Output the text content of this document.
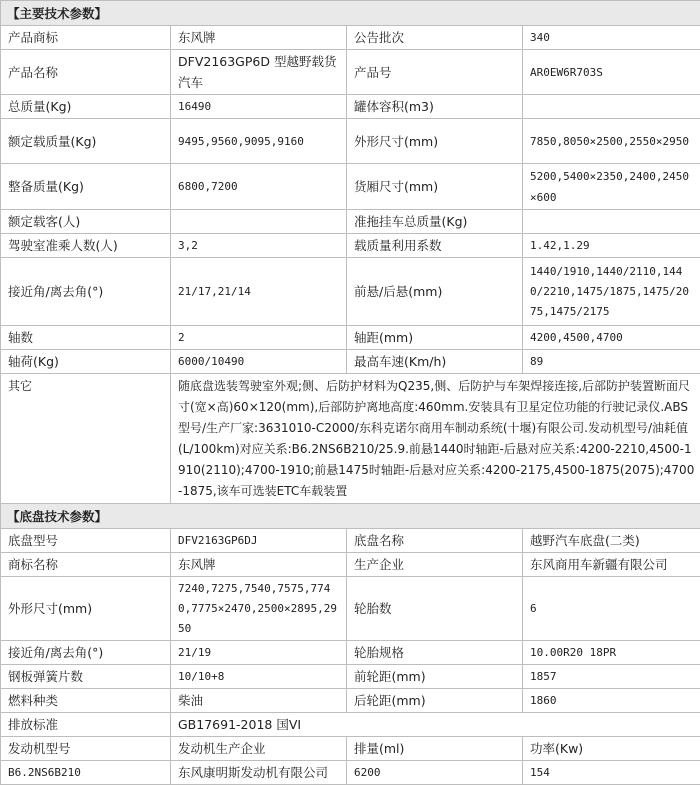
【主要技术参数】			
产品商标	东风牌	公告批次	340
产品名称	DFV2163GP6D 型越野载货汽车	产品号	AR0EW6R703S
总质量(Kg)	16490	罐体容积(m3)	
额定载质量(Kg)	9495,9560,9095,9160	外形尺寸(mm)	7850,8050×2500,2550×2950
整备质量(Kg)	6800,7200	货厢尺寸(mm)	5200,5400×2350,2400,2450×600
额定载客(人)		准拖挂车总质量(Kg)	
驾驶室准乘人数(人)	3,2	载质量利用系数	1.42,1.29
接近角/离去角(°)	21/17,21/14	前悬/后悬(mm)	1440/1910,1440/2110,1440/2210,1475/1875,1475/2075,1475/2175
轴数	2	轴距(mm)	4200,4500,4700
轴荷(Kg)	6000/10490	最高车速(Km/h)	89
其它	随底盘选装驾驶室外观;侧、后防护材料为Q235,侧、后防护与车架焊接连接,后部防护装置断面尺寸(宽×高)60×120(mm),后部防护离地高度:460mm.安装具有卫星定位功能的行驶记录仪.ABS型号/生产厂家:3631010-C2000/东科克诺尔商用车制动系统(十堰)有限公司.发动机型号/油耗值(L/100km)对应关系:B6.2NS6B210/25.9.前悬1440时轴距-后悬对应关系:4200-2210,4500-1910(2110);4700-1910;前悬1475时轴距-后悬对应关系:4200-2175,4500-1875(2075);4700-1875,该车可选装ETC车载装置		
【底盘技术参数】			
底盘型号	DFV2163GP6DJ	底盘名称	越野汽车底盘(二类)
商标名称	东风牌	生产企业	东风商用车新疆有限公司
外形尺寸(mm)	7240,7275,7540,7575,7740,7775×2470,2500×2895,2950	轮胎数	6
接近角/离去角(°)	21/19	轮胎规格	10.00R20 18PR
钢板弹簧片数	10/10+8	前轮距(mm)	1857
燃料种类	柴油	后轮距(mm)	1860
排放标准	GB17691-2018 国VI		
发动机型号	发动机生产企业	排量(ml)	功率(Kw)
B6.2NS6B210	东风康明斯发动机有限公司	6200	154
